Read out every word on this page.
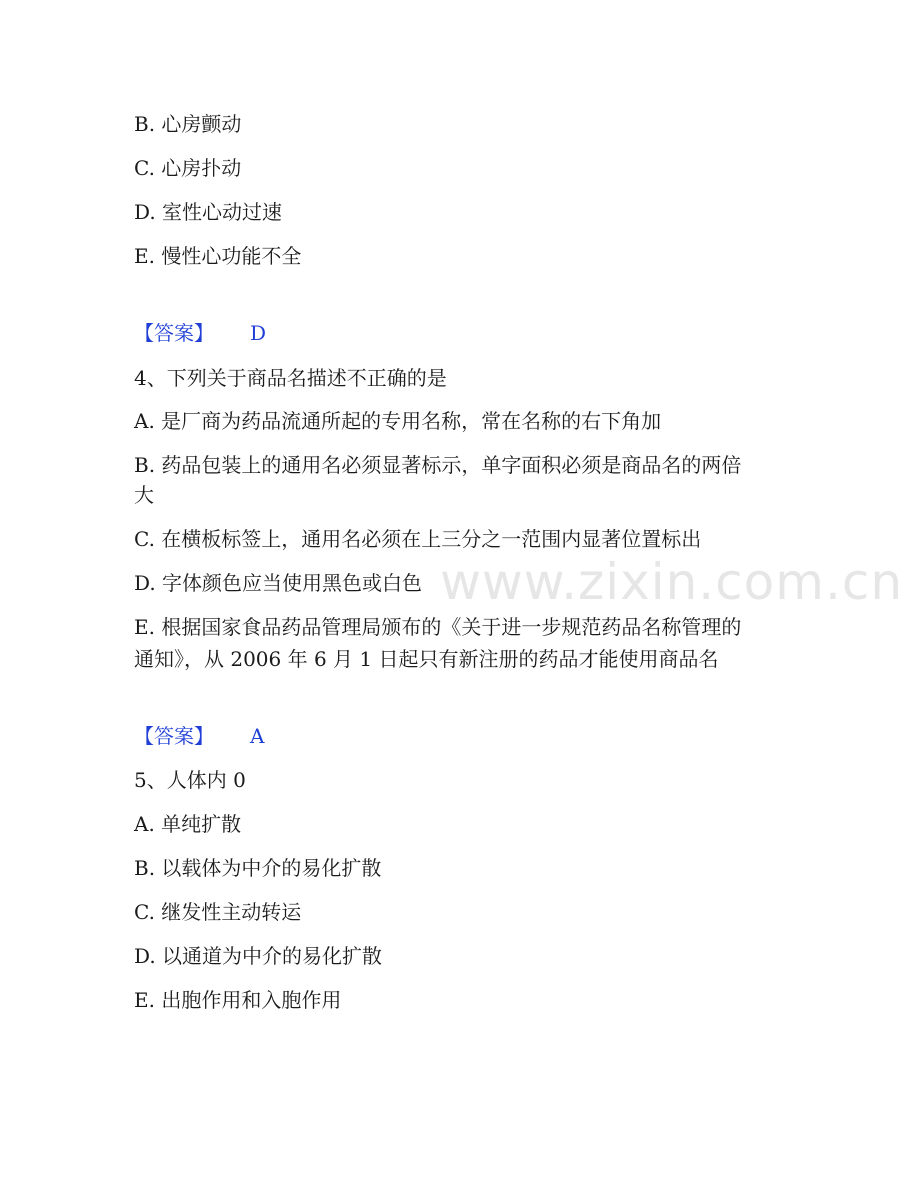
www.zixin.com.cn
B. 心房颤动
C. 心房扑动
D. 室性心动过速
E. 慢性心功能不全
【答案】 D
4、下列关于商品名描述不正确的是
A. 是厂商为药品流通所起的专用名称，常在名称的右下角加
B. 药品包装上的通用名必须显著标示，单字面积必须是商品名的两倍
大
C. 在横板标签上，通用名必须在上三分之一范围内显著位置标出
D. 字体颜色应当使用黑色或白色
E. 根据国家食品药品管理局颁布的《关于进一步规范药品名称管理的
通知》，从 2006 年 6 月 1 日起只有新注册的药品才能使用商品名
【答案】 A
5、人体内 0
A. 单纯扩散
B. 以载体为中介的易化扩散
C. 继发性主动转运
D. 以通道为中介的易化扩散
E. 出胞作用和入胞作用
